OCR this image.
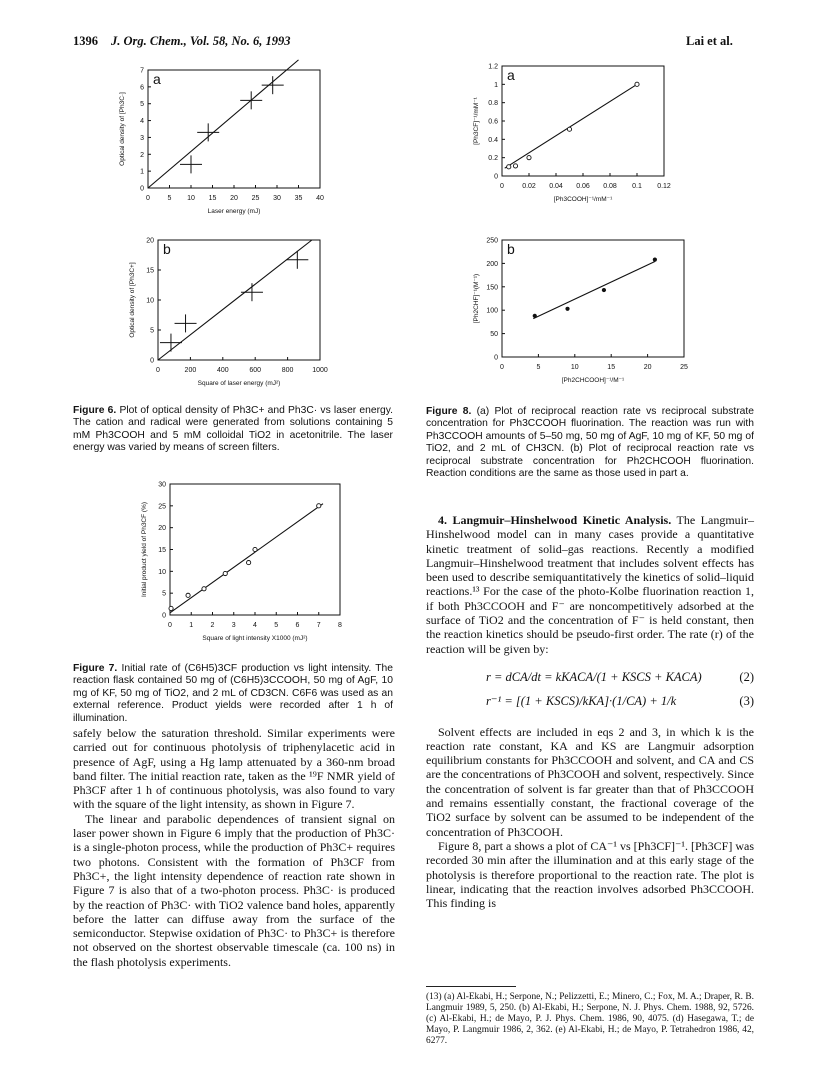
1396 J. Org. Chem., Vol. 58, No. 6, 1993	Lai et al.
0	5 10 15 20 25 30 35 40
0
1
2
3
4
5
6
7 a
Laser energy (mJ)
Optical density of [Ph3C·]
0	200	400	600	800	1000
0
5
10
15
20 b
Square of laser energy (mJ²)
Optical density of [Ph3C+]
Figure 6. Plot of optical density of Ph3C+ and Ph3C· vs laser energy. The cation and radical were generated from solutions containing 5 mM Ph3COOH and 5 mM colloidal TiO2 in acetonitrile. The laser energy was varied by means of screen filters.
0 1 2 3 4 5 6 7 8
0
5
10
15
20
25
30
Square of light intensity X1000 (mJ²)
Initial product yield of Ph3CF (%)
Figure 7. Initial rate of (C6H5)3CF production vs light intensity. The reaction flask contained 50 mg of (C6H5)3CCOOH, 50 mg of AgF, 10 mg of KF, 50 mg of TiO2, and 2 mL of CD3CN. C6F6 was used as an external reference. Product yields were recorded after 1 h of illumination.

safely below the saturation threshold. Similar experiments were carried out for continuous photolysis of triphenylacetic acid in presence of AgF, using a Hg lamp attenuated by a 360-nm broad band filter. The initial reaction rate, taken as the ¹⁹F NMR yield of Ph3CF after 1 h of continuous photolysis, was also found to vary with the square of the light intensity, as shown in Figure 7.

The linear and parabolic dependences of transient signal on laser power shown in Figure 6 imply that the production of Ph3C· is a single-photon process, while the production of Ph3C+ requires two photons. Consistent with the formation of Ph3CF from Ph3C+, the light intensity dependence of reaction rate shown in Figure 7 is also that of a two-photon process. Ph3C· is produced by the reaction of Ph3C· with TiO2 valence band holes, apparently before the latter can diffuse away from the surface of the semiconductor. Stepwise oxidation of Ph3C· to Ph3C+ is therefore not observed on the shortest observable timescale (ca. 100 ns) in the flash photolysis experiments.

0	0.02 0.04 0.06 0.08 0.1 0.12
0
0.2
0.4
0.6
0.8
1
1.2 a
[Ph3COOH]⁻¹/mM⁻¹
[Ph3CF]⁻¹/mM⁻¹
0	5	10	15	20	25
0
50
100
150
200
250 b
[Ph2CHCOOH]⁻¹/M⁻¹
[Ph2CHF]⁻¹(M⁻¹)
Figure 8. (a) Plot of reciprocal reaction rate vs reciprocal substrate concentration for Ph3CCOOH fluorination. The reaction was run with Ph3CCOOH amounts of 5–50 mg, 50 mg of AgF, 10 mg of KF, 50 mg of TiO2, and 2 mL of CH3CN. (b) Plot of reciprocal reaction rate vs reciprocal substrate concentration for Ph2CHCOOH fluorination. Reaction conditions are the same as those used in part a.

4. Langmuir–Hinshelwood Kinetic Analysis. The Langmuir–Hinshelwood model can in many cases provide a quantitative kinetic treatment of solid–gas reactions. Recently a modified Langmuir–Hinshelwood treatment that includes solvent effects has been used to describe semiquantitatively the kinetics of solid–liquid reactions.¹³ For the case of the photo-Kolbe fluorination reaction 1, if both Ph3CCOOH and F⁻ are noncompetitively adsorbed at the surface of TiO2 and the concentration of F⁻ is held constant, then the reaction kinetics should be pseudo-first order. The rate (r) of the reaction will be given by:

r = dCA/dt = kKACA/(1 + KSCS + KACA)	(2)
r⁻¹ = [(1 + KSCS)/kKA]·(1/CA) + 1/k	(3)

Solvent effects are included in eqs 2 and 3, in which k is the reaction rate constant, KA and KS are Langmuir adsorption equilibrium constants for Ph3CCOOH and solvent, and CA and CS are the concentrations of Ph3COOH and solvent, respectively. Since the concentration of solvent is far greater than that of Ph3CCOOH and remains essentially constant, the fractional coverage of the TiO2 surface by solvent can be assumed to be independent of the concentration of Ph3COOH.

Figure 8, part a shows a plot of CA⁻¹ vs [Ph3CF]⁻¹. [Ph3CF] was recorded 30 min after the illumination and at this early stage of the photolysis is therefore proportional to the reaction rate. The plot is linear, indicating that the reaction involves adsorbed Ph3CCOOH. This finding is

(13) (a) Al-Ekabi, H.; Serpone, N.; Pelizzetti, E.; Minero, C.; Fox, M. A.; Draper, R. B. Langmuir 1989, 5, 250. (b) Al-Ekabi, H.; Serpone, N. J. Phys. Chem. 1988, 92, 5726. (c) Al-Ekabi, H.; de Mayo, P. J. Phys. Chem. 1986, 90, 4075. (d) Hasegawa, T.; de Mayo, P. Langmuir 1986, 2, 362. (e) Al-Ekabi, H.; de Mayo, P. Tetrahedron 1986, 42, 6277.
